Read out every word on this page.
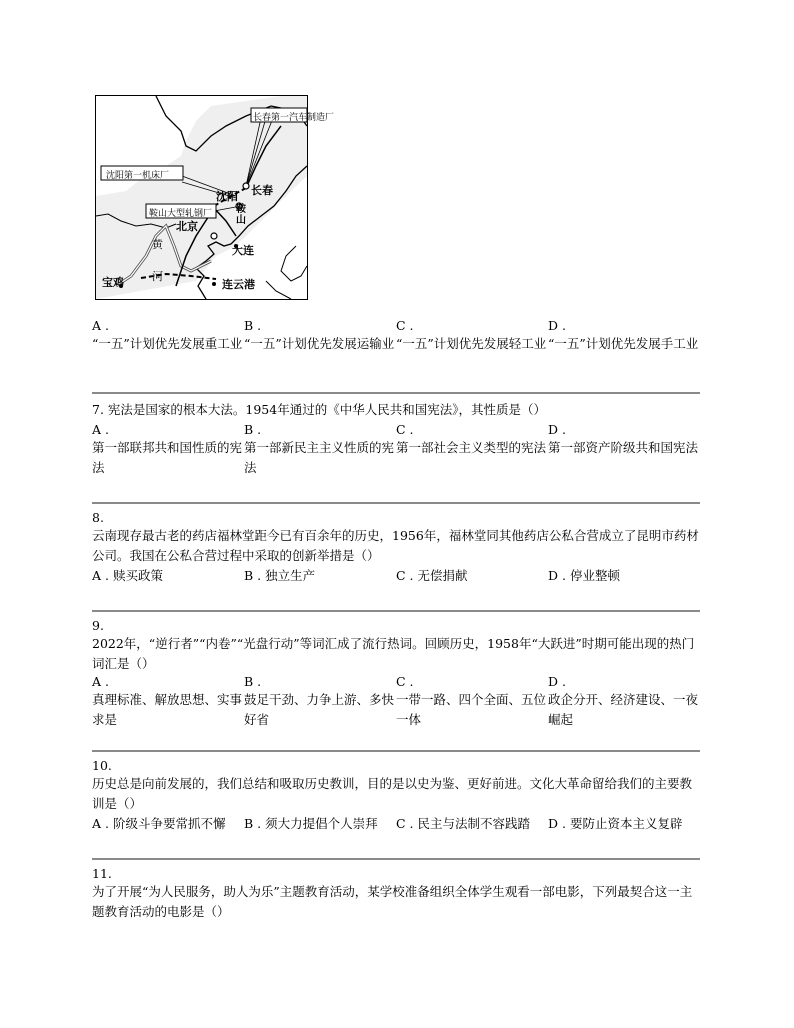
长春第一汽车制造厂
沈阳第一机床厂
鞍山大型轧钢厂
沈阳 长春
鞍山
北京
大连
宝鸡	连云港
黄
河
A .
“一五”计划优先发展重工业
B .
“一五”计划优先发展运输业
C .
“一五”计划优先发展轻工业
D .
“一五”计划优先发展手工业
7. 宪法是国家的根本大法。1954年通过的《中华人民共和国宪法》，其性质是（）
A .
第一部联邦共和国性质的宪法
B .
第一部新民主主义性质的宪法
C .
第一部社会主义类型的宪法
D .
第一部资产阶级共和国宪法
8.
云南现存最古老的药店福林堂距今已有百余年的历史，1956年，福林堂同其他药店公私合营成立了昆明市药材公司。我国在公私合营过程中采取的创新举措是（）
A . 赎买政策	B . 独立生产	C . 无偿捐献	D . 停业整顿
9.
2022年，“逆行者”“内卷”“光盘行动”等词汇成了流行热词。回顾历史，1958年“大跃进”时期可能出现的热门词汇是（）
A .
真理标准、解放思想、实事求是
B .
鼓足干劲、力争上游、多快好省
C .
一带一路、四个全面、五位一体
D .
政企分开、经济建设、一夜崛起
10.
历史总是向前发展的，我们总结和吸取历史教训，目的是以史为鉴、更好前进。文化大革命留给我们的主要教训是（）
A . 阶级斗争要常抓不懈	B . 须大力提倡个人崇拜	C . 民主与法制不容践踏	D . 要防止资本主义复辟
11.
为了开展“为人民服务，助人为乐”主题教育活动，某学校准备组织全体学生观看一部电影，下列最契合这一主题教育活动的电影是（）
